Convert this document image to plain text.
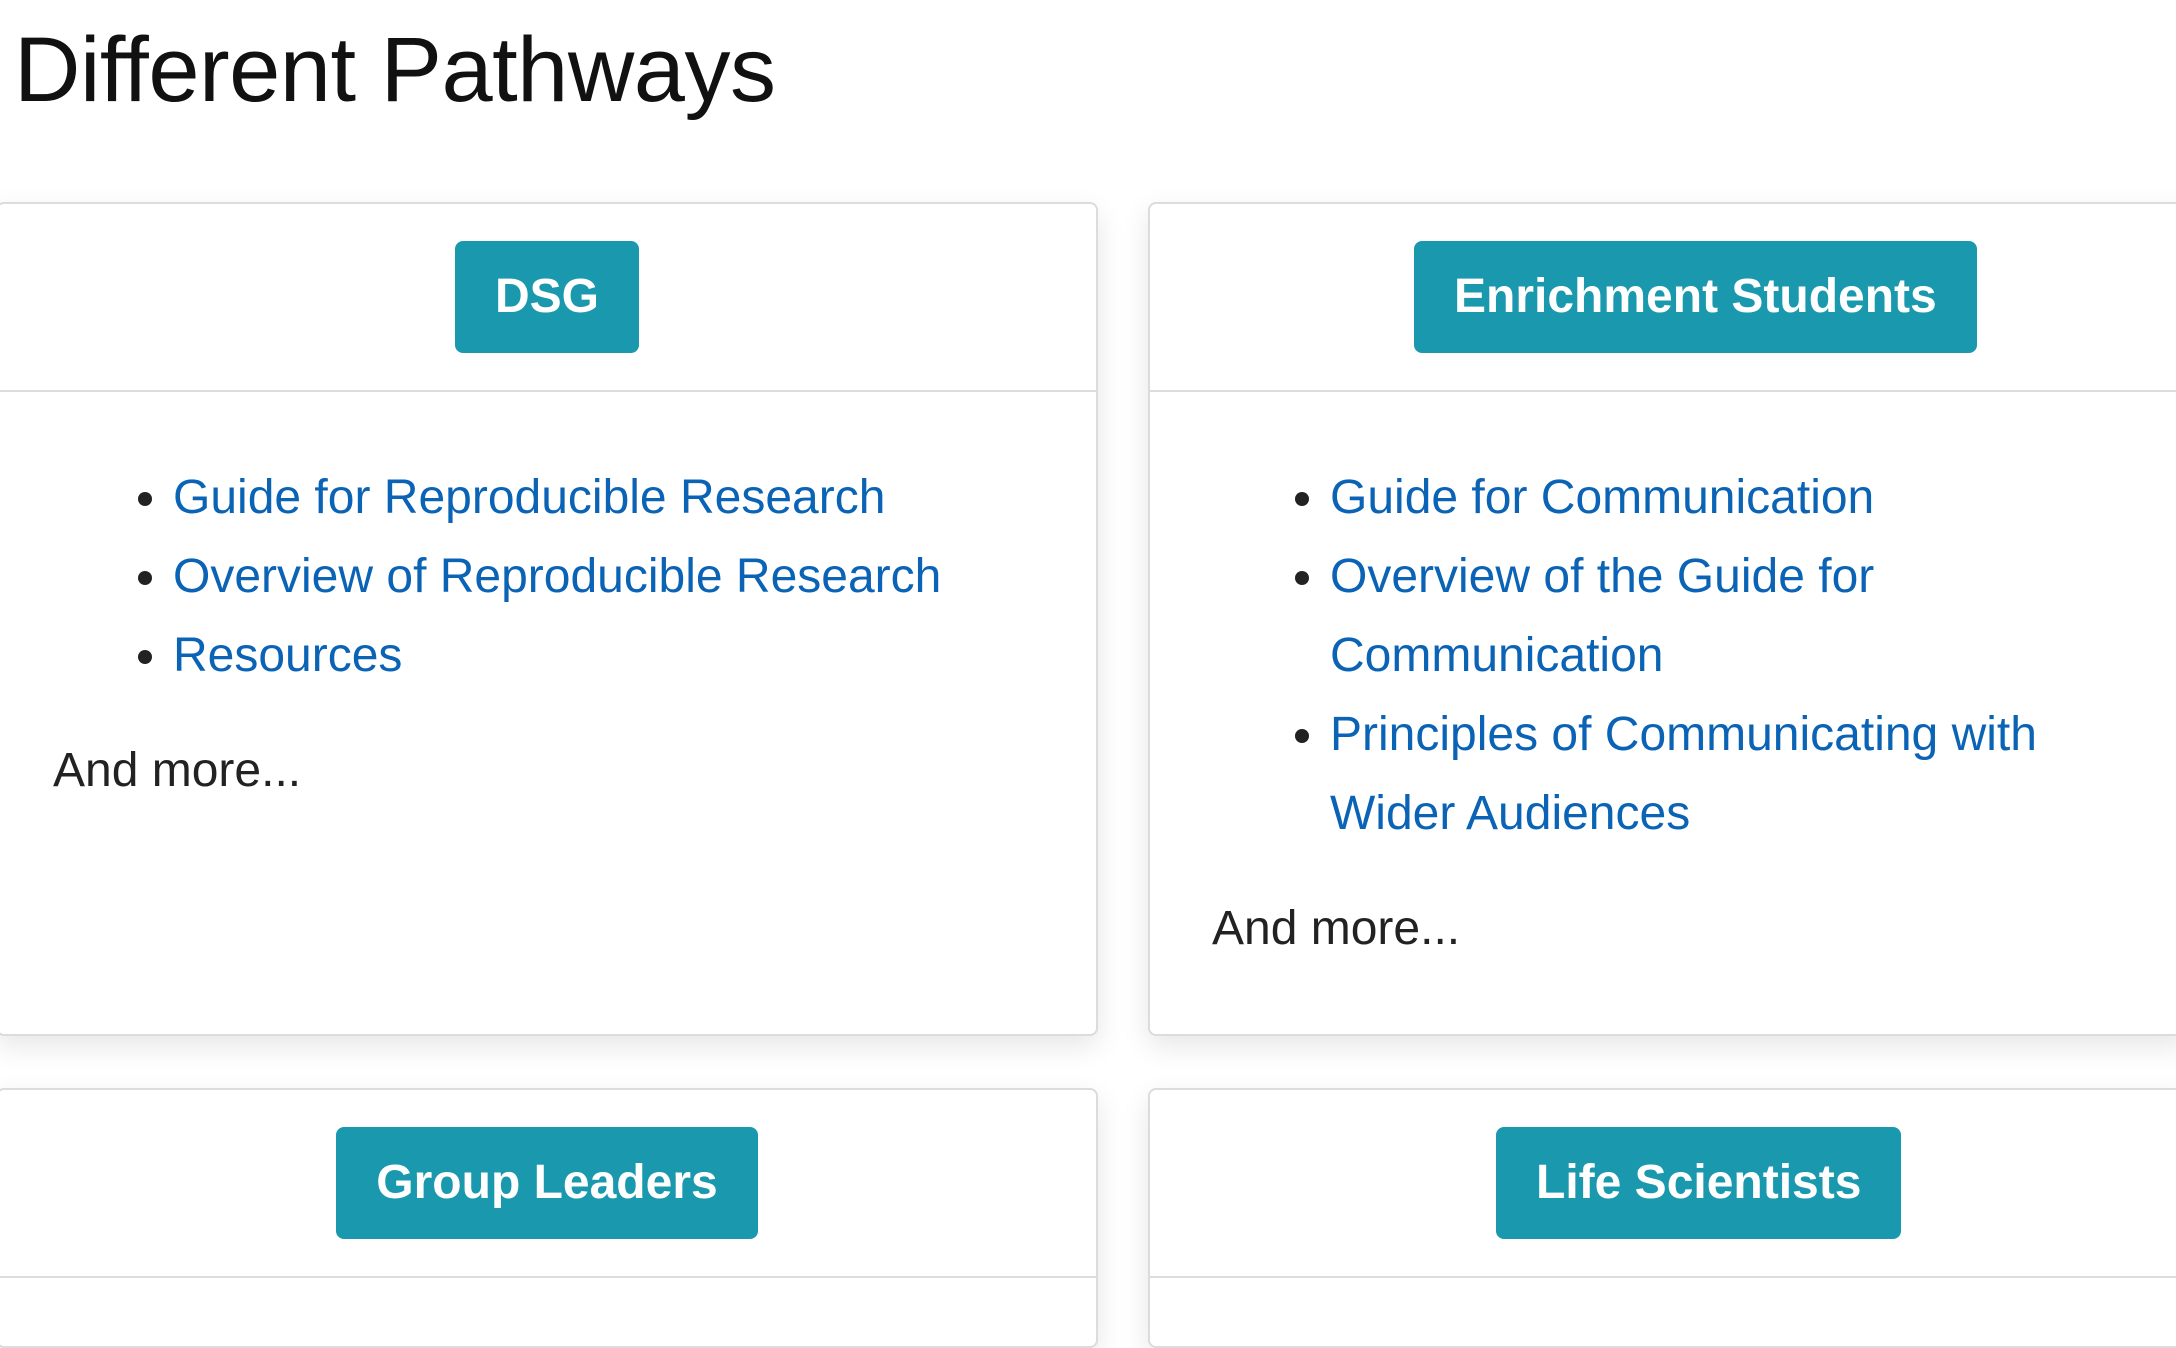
Different Pathways
DSG
• Guide for Reproducible Research
• Overview of Reproducible Research
• Resources
And more...
Enrichment Students
• Guide for Communication
• Overview of the Guide for Communication
• Principles of Communicating with Wider Audiences
And more...
Group Leaders	Life Scientists
